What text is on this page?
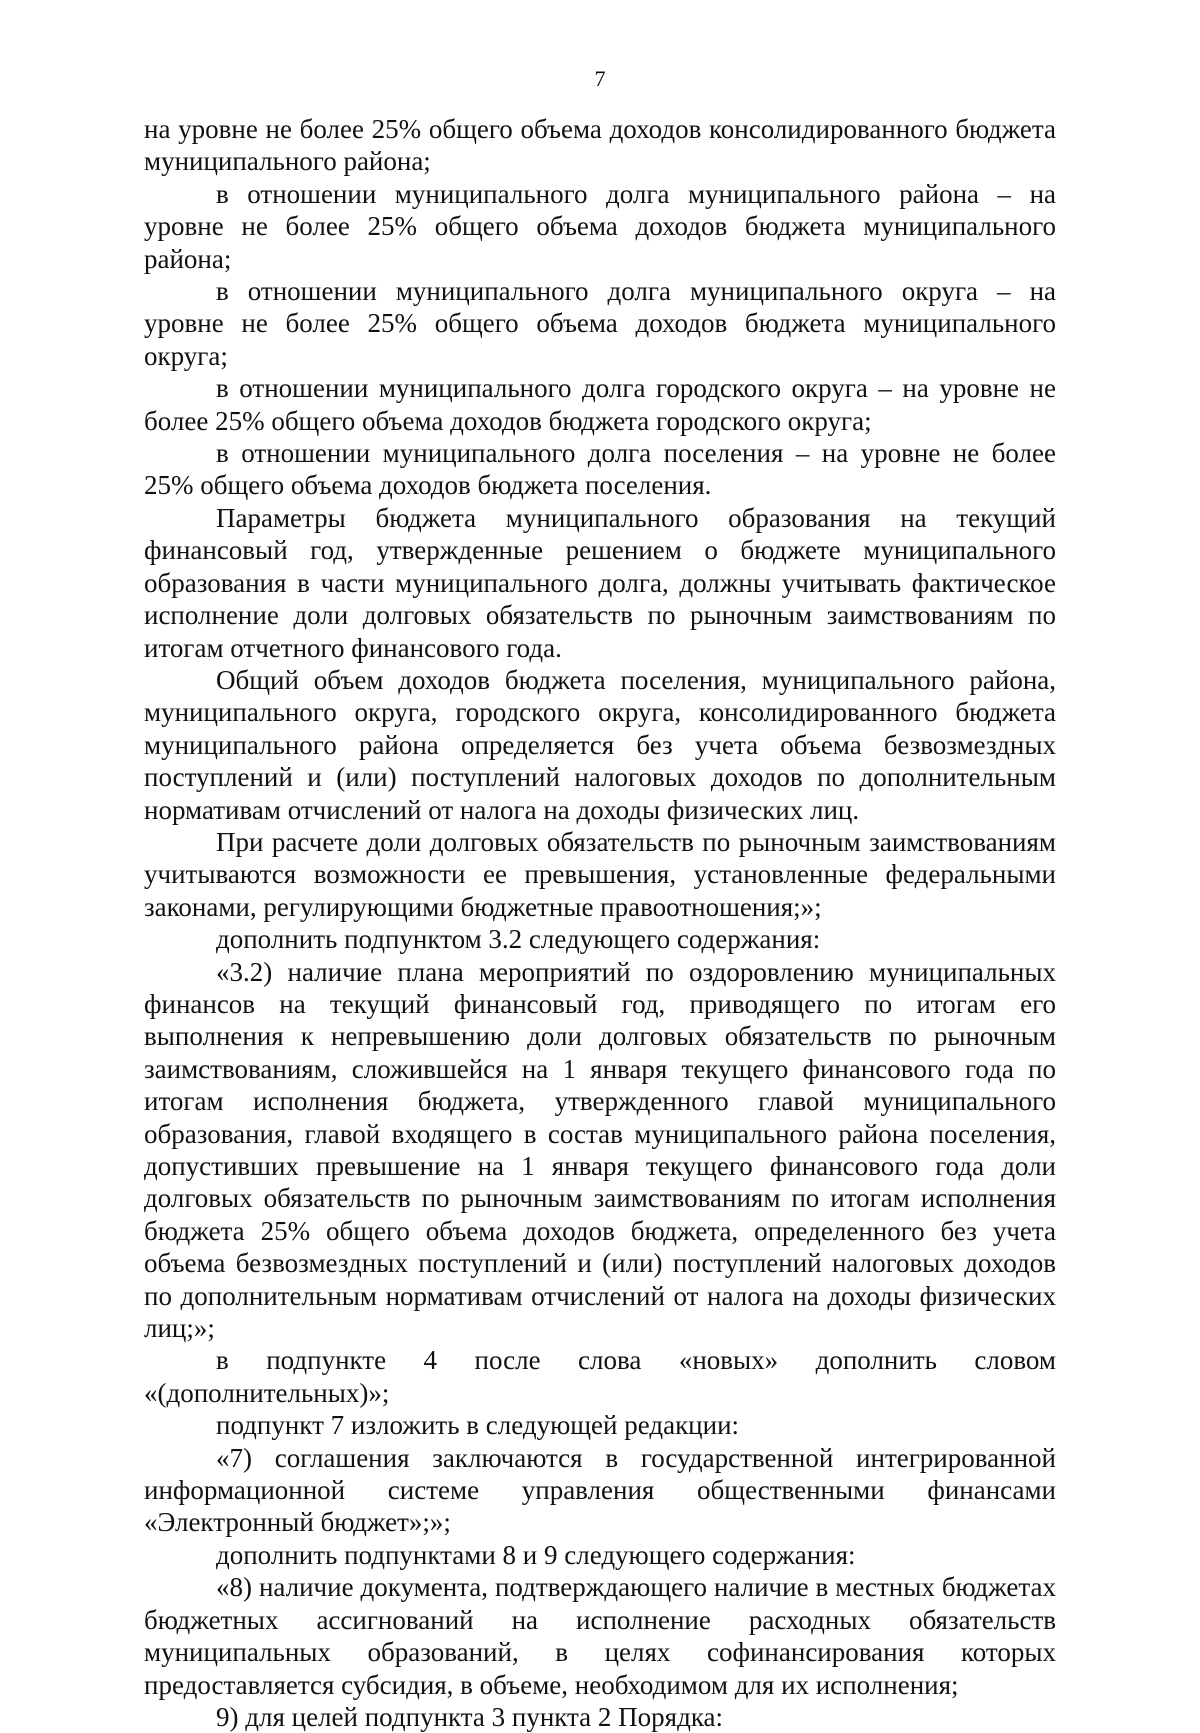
7

на уровне не более 25% общего объема доходов консолидированного бюджета муниципального района;

в отношении муниципального долга муниципального района – на уровне не более 25% общего объема доходов бюджета муниципального района;

в отношении муниципального долга муниципального округа – на уровне не более 25% общего объема доходов бюджета муниципального округа;

в отношении муниципального долга городского округа – на уровне не более 25% общего объема доходов бюджета городского округа;

в отношении муниципального долга поселения – на уровне не более 25% общего объема доходов бюджета поселения.

Параметры бюджета муниципального образования на текущий финансовый год, утвержденные решением о бюджете муниципального образования в части муниципального долга, должны учитывать фактическое исполнение доли долговых обязательств по рыночным заимствованиям по итогам отчетного финансового года.

Общий объем доходов бюджета поселения, муниципального района, муниципального округа, городского округа, консолидированного бюджета муниципального района определяется без учета объема безвозмездных поступлений и (или) поступлений налоговых доходов по дополнительным нормативам отчислений от налога на доходы физических лиц.

При расчете доли долговых обязательств по рыночным заимствованиям учитываются возможности ее превышения, установленные федеральными законами, регулирующими бюджетные правоотношения;»;

дополнить подпунктом 3.2 следующего содержания:

«3.2) наличие плана мероприятий по оздоровлению муниципальных финансов на текущий финансовый год, приводящего по итогам его выполнения к непревышению доли долговых обязательств по рыночным заимствованиям, сложившейся на 1 января текущего финансового года по итогам исполнения бюджета, утвержденного главой муниципального образования, главой входящего в состав муниципального района поселения, допустивших превышение на 1 января текущего финансового года доли долговых обязательств по рыночным заимствованиям по итогам исполнения бюджета 25% общего объема доходов бюджета, определенного без учета объема безвозмездных поступлений и (или) поступлений налоговых доходов по дополнительным нормативам отчислений от налога на доходы физических лиц;»;

в подпункте 4 после слова «новых» дополнить словом «(дополнительных)»;

подпункт 7 изложить в следующей редакции:

«7) соглашения заключаются в государственной интегрированной информационной системе управления общественными финансами «Электронный бюджет»;»;

дополнить подпунктами 8 и 9 следующего содержания:

«8) наличие документа, подтверждающего наличие в местных бюджетах бюджетных ассигнований на исполнение расходных обязательств муниципальных образований, в целях софинансирования которых предоставляется субсидия, в объеме, необходимом для их исполнения;

9) для целей подпункта 3 пункта 2 Порядка:
